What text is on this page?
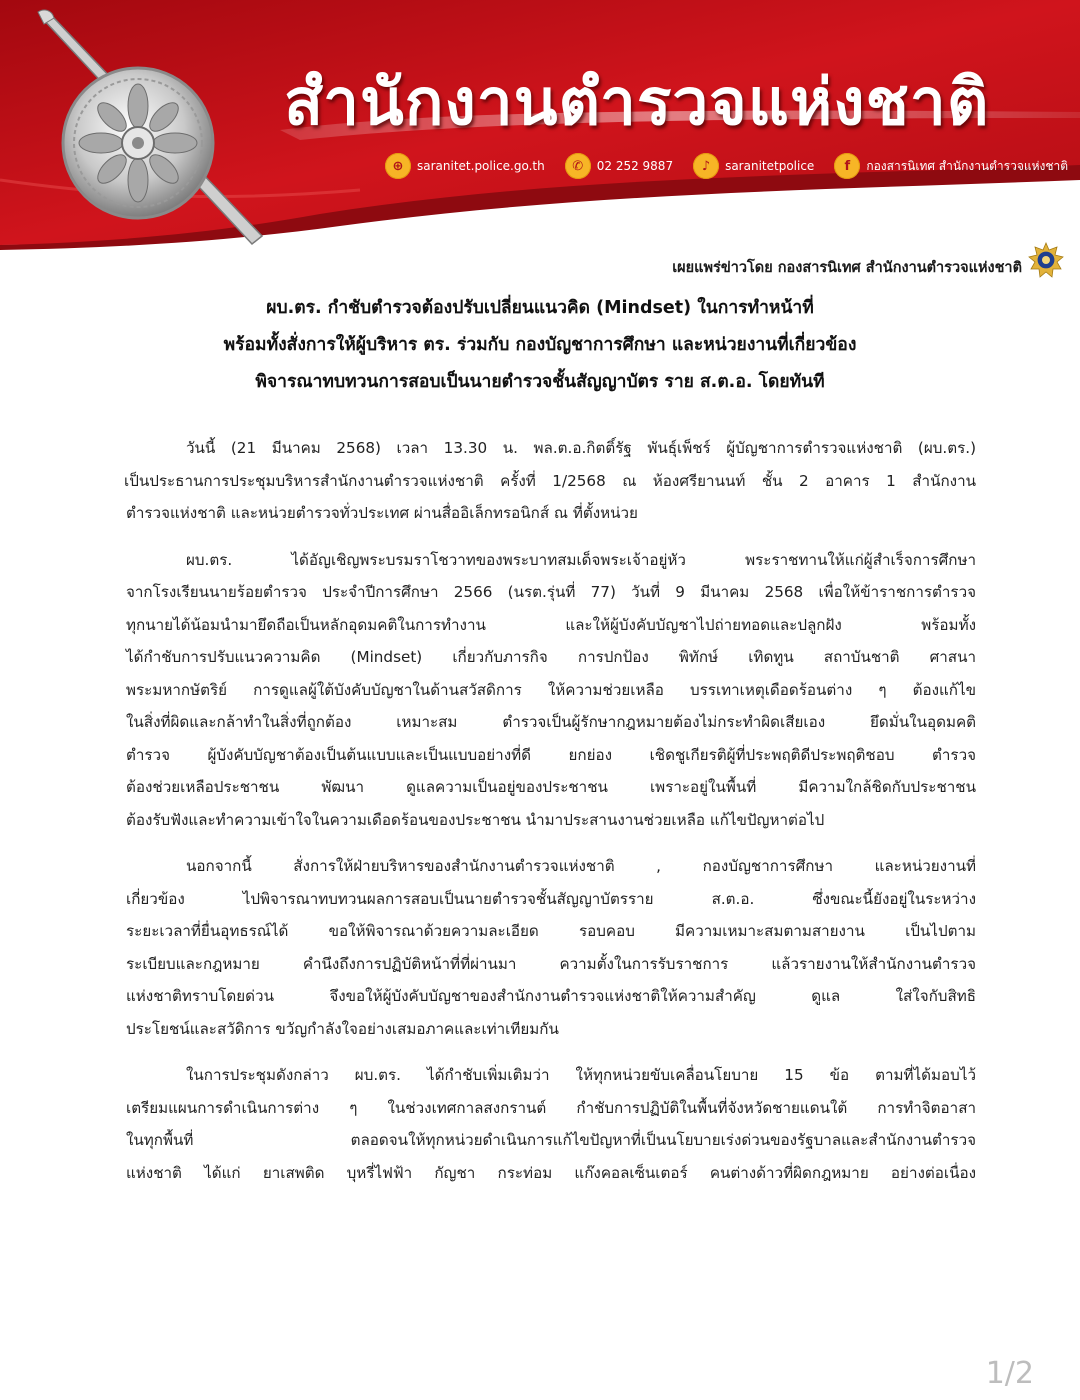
สำนักงานตำรวจแห่งชาติ
⊕	saranitet.police.go.th	✆	02 252 9887	♪	saranitetpolice	f	กองสารนิเทศ สำนักงานตำรวจแห่งชาติ
เผยแพร่ข่าวโดย กองสารนิเทศ สำนักงานตำรวจแห่งชาติ
ผบ.ตร. กำชับตำรวจต้องปรับเปลี่ยนแนวคิด (Mindset) ในการทำหน้าที่
พร้อมทั้งสั่งการให้ผู้บริหาร ตร. ร่วมกับ กองบัญชาการศึกษา และหน่วยงานที่เกี่ยวข้อง
พิจารณาทบทวนการสอบเป็นนายตำรวจชั้นสัญญาบัตร ราย ส.ต.อ. โดยทันที
วันนี้ (21 มีนาคม 2568) เวลา 13.30 น. พล.ต.อ.กิตติ์รัฐ พันธุ์เพ็ชร์ ผู้บัญชาการตำรวจแห่งชาติ (ผบ.ตร.)
เป็นประธานการประชุมบริหารสำนักงานตำรวจแห่งชาติ ครั้งที่ 1/2568 ณ ห้องศรียานนท์ ชั้น 2 อาคาร 1 สำนักงาน
ตำรวจแห่งชาติ และหน่วยตำรวจทั่วประเทศ ผ่านสื่ออิเล็กทรอนิกส์ ณ ที่ตั้งหน่วย
ผบ.ตร. ได้อัญเชิญพระบรมราโชวาทของพระบาทสมเด็จพระเจ้าอยู่หัว พระราชทานให้แก่ผู้สำเร็จการศึกษา
จากโรงเรียนนายร้อยตำรวจ ประจำปีการศึกษา 2566 (นรต.รุ่นที่ 77) วันที่ 9 มีนาคม 2568 เพื่อให้ข้าราชการตำรวจ
ทุกนายได้น้อมนำมายึดถือเป็นหลักอุดมคติในการทำงาน และให้ผู้บังคับบัญชาไปถ่ายทอดและปลูกฝัง พร้อมทั้ง
ได้กำชับการปรับแนวความคิด (Mindset) เกี่ยวกับภารกิจ การปกป้อง พิทักษ์ เทิดทูน สถาบันชาติ ศาสนา
พระมหากษัตริย์ การดูแลผู้ใต้บังคับบัญชาในด้านสวัสดิการ ให้ความช่วยเหลือ บรรเทาเหตุเดือดร้อนต่าง ๆ ต้องแก้ไข
ในสิ่งที่ผิดและกล้าทำในสิ่งที่ถูกต้อง เหมาะสม ตำรวจเป็นผู้รักษากฎหมายต้องไม่กระทำผิดเสียเอง ยึดมั่นในอุดมคติ
ตำรวจ ผู้บังคับบัญชาต้องเป็นต้นแบบและเป็นแบบอย่างที่ดี ยกย่อง เชิดชูเกียรติผู้ที่ประพฤติดีประพฤติชอบ ตำรวจ
ต้องช่วยเหลือประชาชน พัฒนา ดูแลความเป็นอยู่ของประชาชน เพราะอยู่ในพื้นที่ มีความใกล้ชิดกับประชาชน
ต้องรับฟังและทำความเข้าใจในความเดือดร้อนของประชาชน นำมาประสานงานช่วยเหลือ แก้ไขปัญหาต่อไป
นอกจากนี้ สั่งการให้ฝ่ายบริหารของสำนักงานตำรวจแห่งชาติ , กองบัญชาการศึกษา และหน่วยงานที่
เกี่ยวข้อง ไปพิจารณาทบทวนผลการสอบเป็นนายตำรวจชั้นสัญญาบัตรราย ส.ต.อ. ซึ่งขณะนี้ยังอยู่ในระหว่าง
ระยะเวลาที่ยื่นอุทธรณ์ได้ ขอให้พิจารณาด้วยความละเอียด รอบคอบ มีความเหมาะสมตามสายงาน เป็นไปตาม
ระเบียบและกฎหมาย คำนึงถึงการปฏิบัติหน้าที่ที่ผ่านมา ความตั้งในการรับราชการ แล้วรายงานให้สำนักงานตำรวจ
แห่งชาติทราบโดยด่วน จึงขอให้ผู้บังคับบัญชาของสำนักงานตำรวจแห่งชาติให้ความสำคัญ ดูแล ใส่ใจกับสิทธิ
ประโยชน์และสวัดิการ ขวัญกำลังใจอย่างเสมอภาคและเท่าเทียมกัน
ในการประชุมดังกล่าว ผบ.ตร. ได้กำชับเพิ่มเติมว่า ให้ทุกหน่วยขับเคลื่อนโยบาย 15 ข้อ ตามที่ได้มอบไว้
เตรียมแผนการดำเนินการต่าง ๆ ในช่วงเทศกาลสงกรานต์ กำชับการปฏิบัติในพื้นที่จังหวัดชายแดนใต้ การทำจิตอาสา
ในทุกพื้นที่ ตลอดจนให้ทุกหน่วยดำเนินการแก้ไขปัญหาที่เป็นนโยบายเร่งด่วนของรัฐบาลและสำนักงานตำรวจ
แห่งชาติ ได้แก่ ยาเสพติด บุหรี่ไฟฟ้า กัญชา กระท่อม แก๊งคอลเซ็นเตอร์ คนต่างด้าวที่ผิดกฎหมาย อย่างต่อเนื่อง
1/2
